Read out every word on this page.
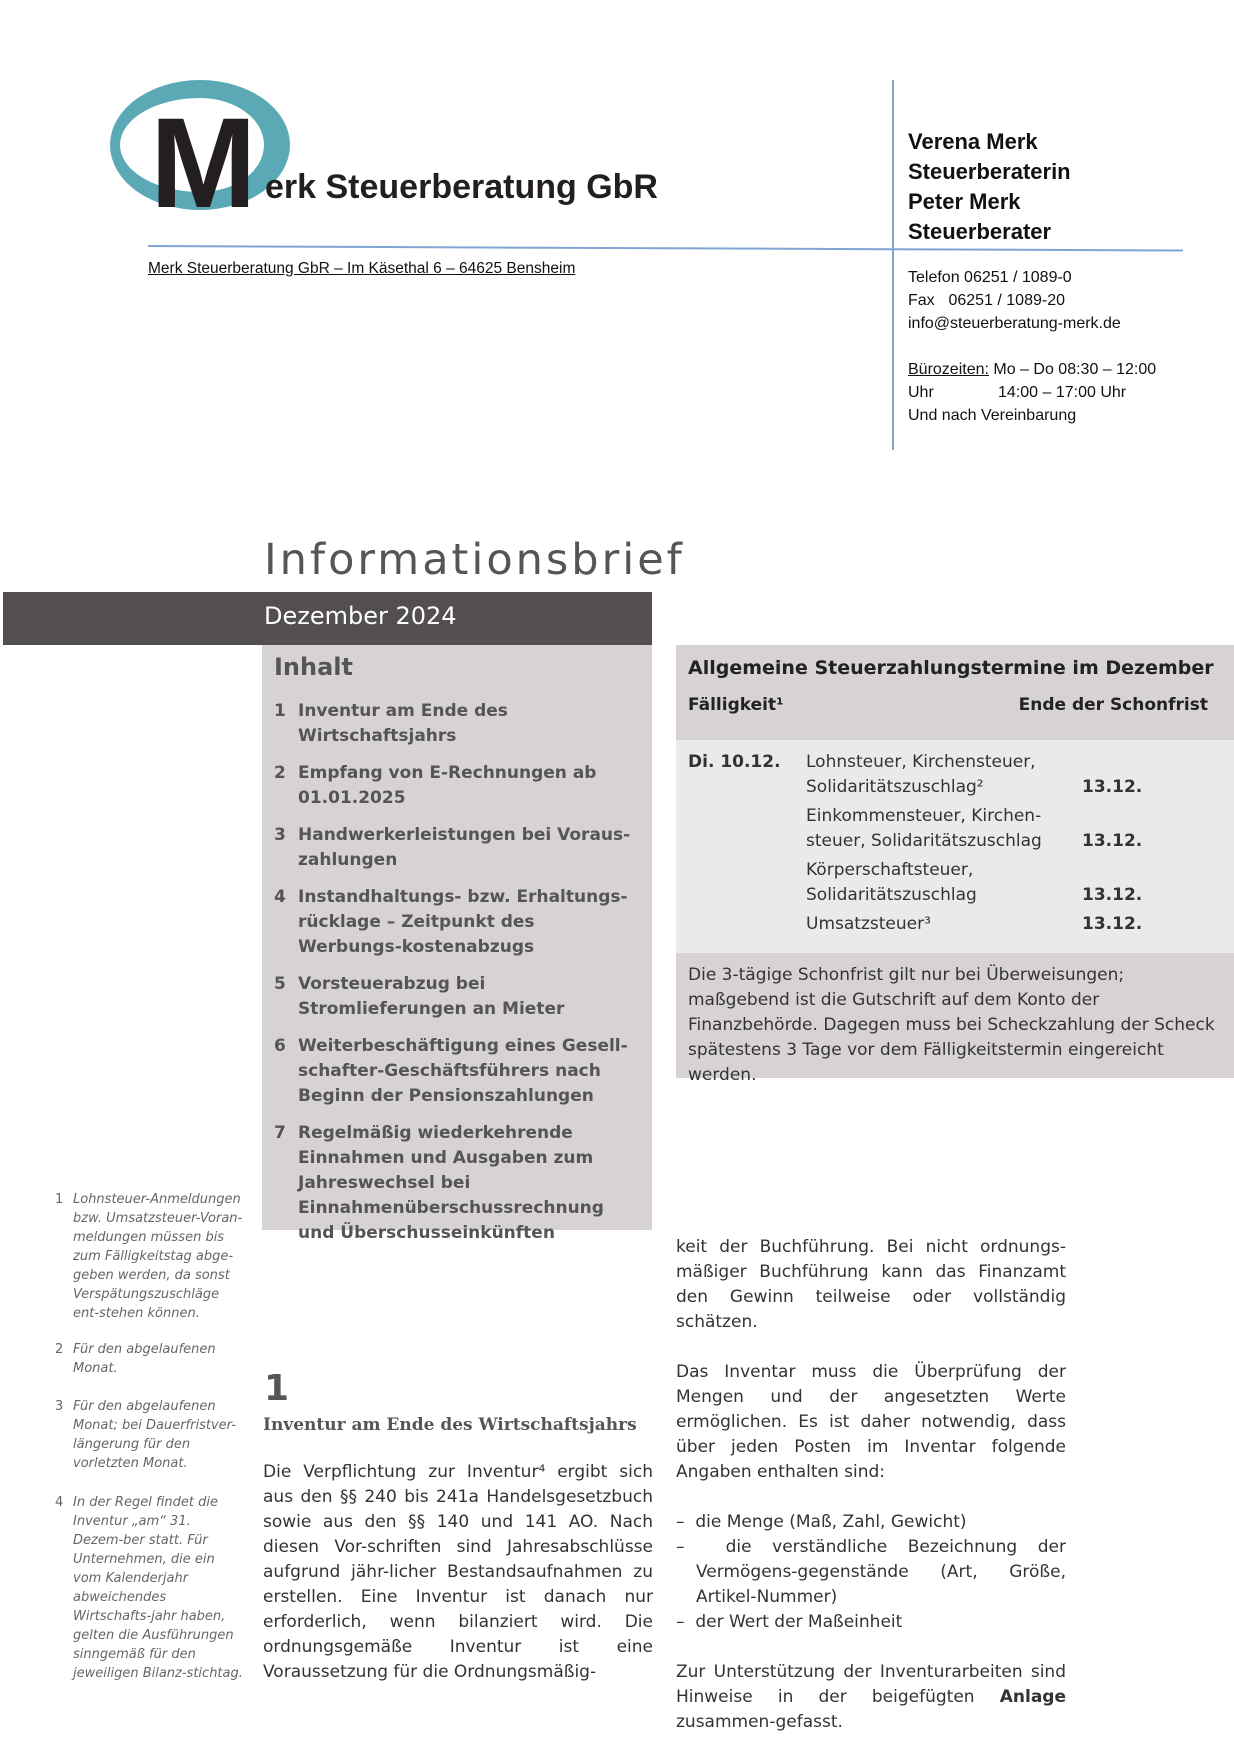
M erk Steuerberatung GbR
Merk Steuerberatung GbR – Im Käsethal 6 – 64625 Bensheim
Verena Merk
Steuerberaterin
Peter Merk
Steuerberater
Telefon 06251 / 1089-0
Fax 06251 / 1089-20
info@steuerberatung-merk.de
Bürozeiten: Mo – Do 08:30 – 12:00
Uhr	14:00 – 17:00 Uhr
Und nach Vereinbarung
Informationsbrief
Dezember 2024
Inhalt
1 Inventur am Ende des Wirtschaftsjahrs
2 Empfang von E-Rechnungen ab 01.01.2025
3 Handwerkerleistungen bei Voraus-zahlungen
4 Instandhaltungs- bzw. Erhaltungs-rücklage – Zeitpunkt des Werbungs-kostenabzugs
5 Vorsteuerabzug bei Stromlieferungen an Mieter
6 Weiterbeschäftigung eines Gesell-schafter-Geschäftsführers nach Beginn der Pensionszahlungen
7 Regelmäßig wiederkehrende Einnahmen und Ausgaben zum Jahreswechsel bei Einnahmenüberschussrechnung und Überschusseinkünften
Allgemeine Steuerzahlungstermine im Dezember
Fälligkeit¹	Ende der Schonfrist
Di. 10.12.	Lohnsteuer, Kirchensteuer, Solidaritätszuschlag²	13.12.
Einkommensteuer, Kirchen-steuer, Solidaritätszuschlag	13.12.
Körperschaftsteuer, Solidaritätszuschlag	13.12.
Umsatzsteuer³	13.12.
Die 3-tägige Schonfrist gilt nur bei Überweisungen; maßgebend ist die Gutschrift auf dem Konto der Finanzbehörde. Dagegen muss bei Scheckzahlung der Scheck spätestens 3 Tage vor dem Fälligkeitstermin eingereicht werden.
1 Lohnsteuer-Anmeldungen bzw. Umsatzsteuer-Voran-meldungen müssen bis zum Fälligkeitstag abge-geben werden, da sonst Verspätungszuschläge ent-stehen können.
2 Für den abgelaufenen Monat.
3 Für den abgelaufenen Monat; bei Dauerfristver-längerung für den vorletzten Monat.
4 In der Regel findet die Inventur „am“ 31. Dezem-ber statt. Für Unternehmen, die ein vom Kalenderjahr abweichendes Wirtschafts-jahr haben, gelten die Ausführungen sinngemäß für den jeweiligen Bilanz-stichtag.
1
Inventur am Ende des Wirtschaftsjahrs

Die Verpflichtung zur Inventur⁴ ergibt sich aus den §§ 240 bis 241a Handelsgesetzbuch sowie aus den §§ 140 und 141 AO. Nach diesen Vor-schriften sind Jahresabschlüsse aufgrund jähr-licher Bestandsaufnahmen zu erstellen. Eine Inventur ist danach nur erforderlich, wenn bilanziert wird. Die ordnungsgemäße Inventur ist eine Voraussetzung für die Ordnungsmäßig-

keit der Buchführung. Bei nicht ordnungs-mäßiger Buchführung kann das Finanzamt den Gewinn teilweise oder vollständig schätzen.

Das Inventar muss die Überprüfung der Mengen und der angesetzten Werte ermöglichen. Es ist daher notwendig, dass über jeden Posten im Inventar folgende Angaben enthalten sind:

–  die Menge (Maß, Zahl, Gewicht)
–  die verständliche Bezeichnung der Vermögens-gegenstände (Art, Größe, Artikel-Nummer)
–  der Wert der Maßeinheit

Zur Unterstützung der Inventurarbeiten sind Hinweise in der beigefügten Anlage zusammen-gefasst.
